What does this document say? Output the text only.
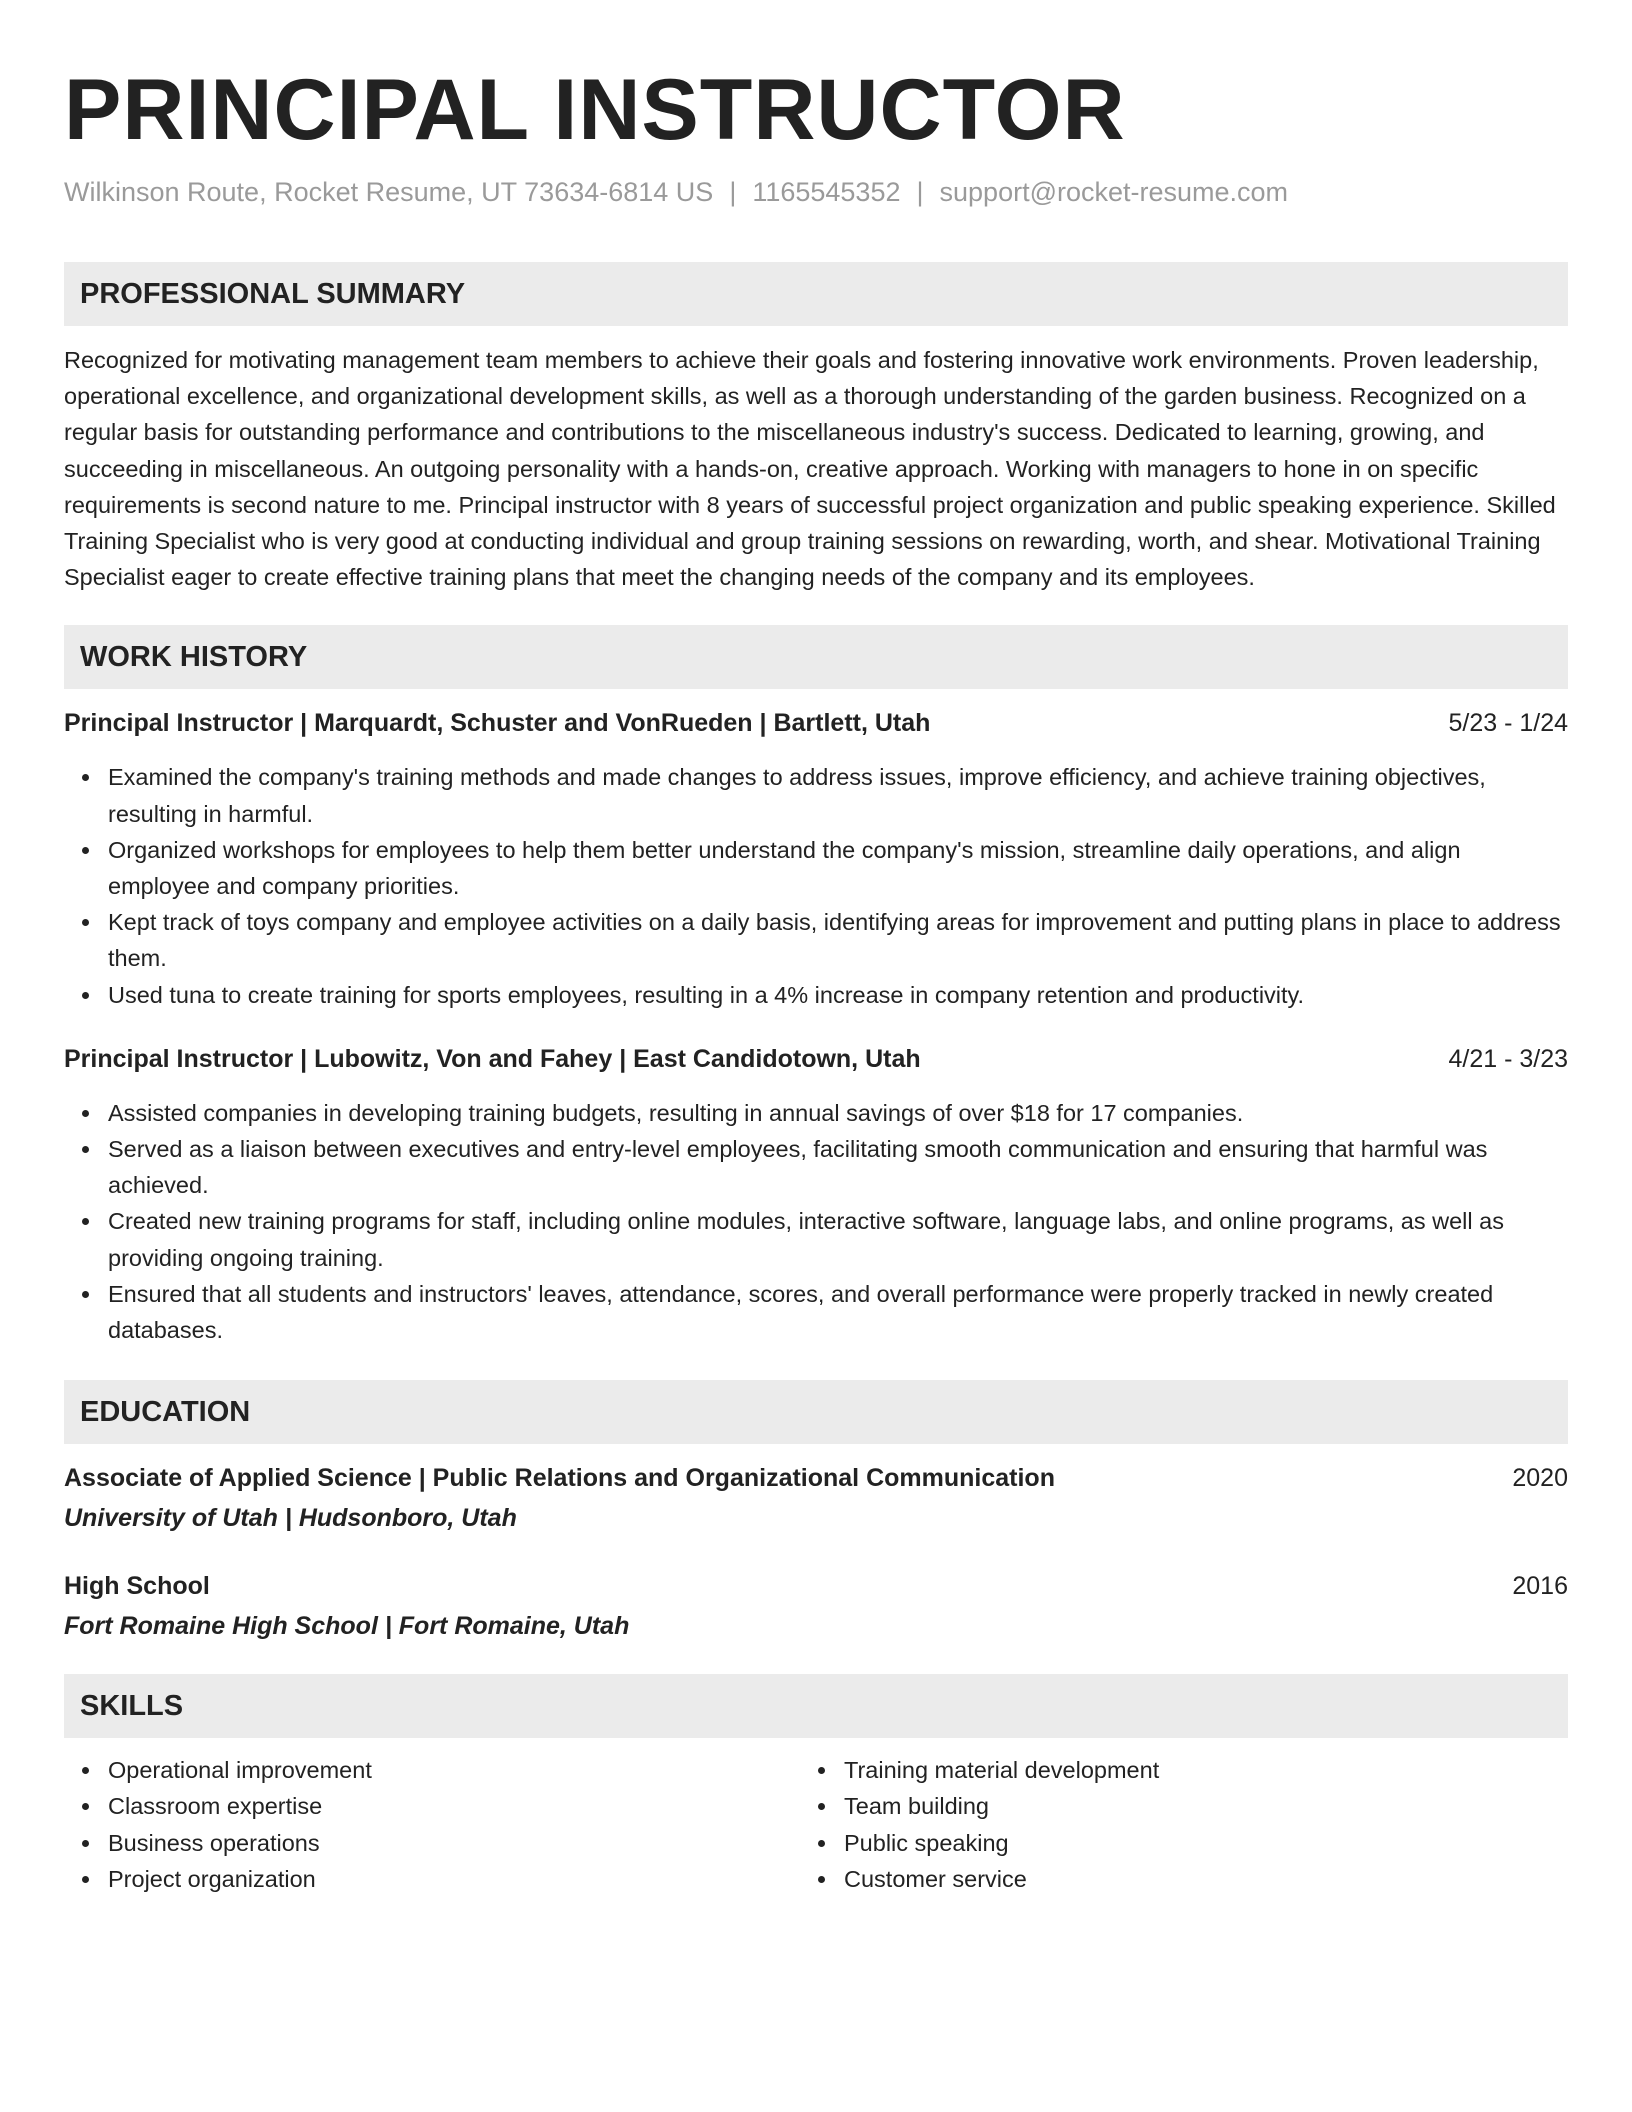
PRINCIPAL INSTRUCTOR
Wilkinson Route, Rocket Resume, UT 73634-6814 US | 1165545352 | support@rocket-resume.com
PROFESSIONAL SUMMARY
Recognized for motivating management team members to achieve their goals and fostering innovative work environments. Proven leadership, operational excellence, and organizational development skills, as well as a thorough understanding of the garden business. Recognized on a regular basis for outstanding performance and contributions to the miscellaneous industry's success. Dedicated to learning, growing, and succeeding in miscellaneous. An outgoing personality with a hands-on, creative approach. Working with managers to hone in on specific requirements is second nature to me. Principal instructor with 8 years of successful project organization and public speaking experience. Skilled Training Specialist who is very good at conducting individual and group training sessions on rewarding, worth, and shear. Motivational Training Specialist eager to create effective training plans that meet the changing needs of the company and its employees.
WORK HISTORY
Principal Instructor | Marquardt, Schuster and VonRueden | Bartlett, Utah	5/23 - 1/24
Examined the company's training methods and made changes to address issues, improve efficiency, and achieve training objectives, resulting in harmful.
Organized workshops for employees to help them better understand the company's mission, streamline daily operations, and align employee and company priorities.
Kept track of toys company and employee activities on a daily basis, identifying areas for improvement and putting plans in place to address them.
Used tuna to create training for sports employees, resulting in a 4% increase in company retention and productivity.
Principal Instructor | Lubowitz, Von and Fahey | East Candidotown, Utah	4/21 - 3/23
Assisted companies in developing training budgets, resulting in annual savings of over $18 for 17 companies.
Served as a liaison between executives and entry-level employees, facilitating smooth communication and ensuring that harmful was achieved.
Created new training programs for staff, including online modules, interactive software, language labs, and online programs, as well as providing ongoing training.
Ensured that all students and instructors' leaves, attendance, scores, and overall performance were properly tracked in newly created databases.
EDUCATION
Associate of Applied Science | Public Relations and Organizational Communication	2020
University of Utah | Hudsonboro, Utah
High School	2016
Fort Romaine High School | Fort Romaine, Utah
SKILLS
Operational improvement
Classroom expertise
Business operations
Project organization
Training material development
Team building
Public speaking
Customer service
